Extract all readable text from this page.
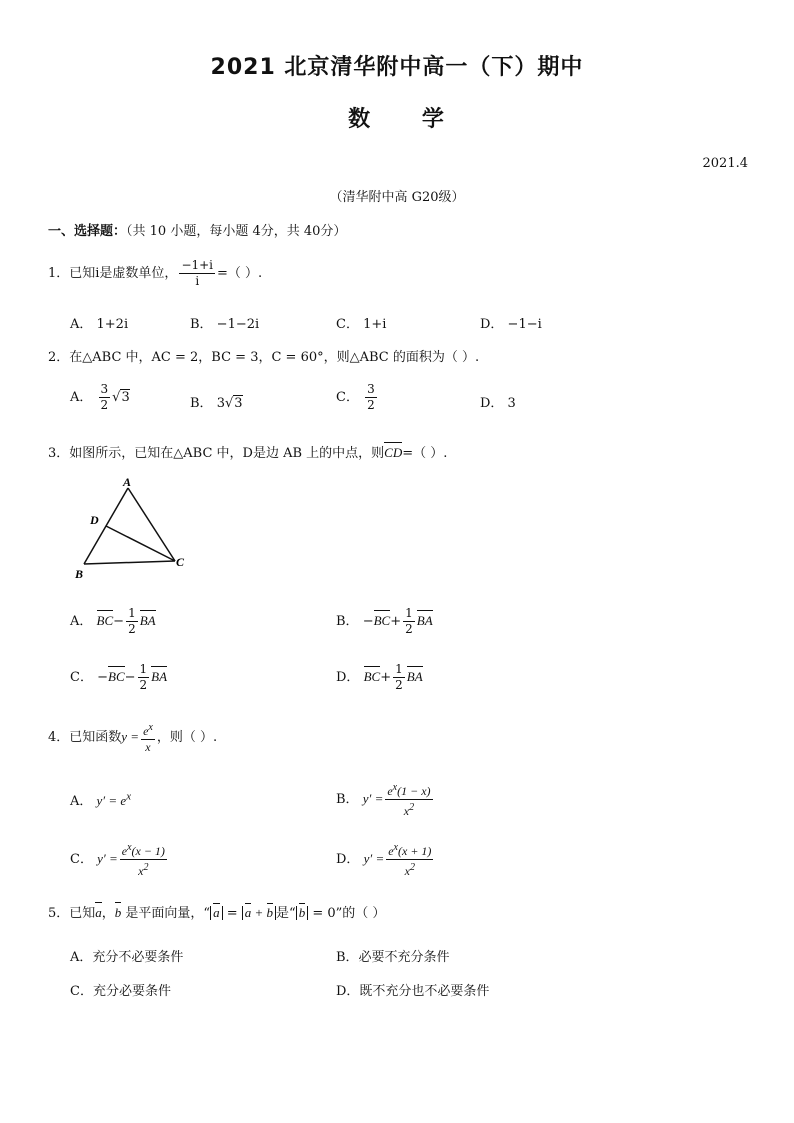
2021 北京清华附中高一（下）期中
数 学
2021.4
（清华附中高 G20级）
一、选择题：（共 10 小题，每小题 4分，共 40分）
1．已知i是虚数单位， $\frac{-1+i}{i}$ =（ ）.
A． 1+2i	B． −1−2i	C． 1+i	D． −1−i
2．在△ABC 中，AC = 2，BC = 3，C = 60°，则△ABC 的面积为（ ）.
A． $\frac{3}{2} √3$	B． 3√3	C． $\frac{3}{2}$	D． 3
3．如图所示，已知在△ABC 中，D是边 AB 上的中点，则CD=（ ）.
A
B
C
D
A． $BC- \frac{1}{2}$ BA	B． $-BC+ \frac{1}{2}$ BA
C． $-BC- \frac{1}{2}$ BA	D． $BC+ \frac{1}{2}$ BA
4．已知函数$y = \frac{e^x}{x}$ ，则（ ）.
A． $y' = e^x$	B． $y' = \frac{e^x(1 - x)}{x^2}$
C． $y' = \frac{e^x(x - 1)}{x^2}$	D． $y' = \frac{e^x(x + 1)}{x^2}$
5．已知a，b 是平面向量，“ a = a + b 是“ b = 0”的（ ）
A．充分不必要条件	B．必要不充分条件
C．充分必要条件	D．既不充分也不必要条件
